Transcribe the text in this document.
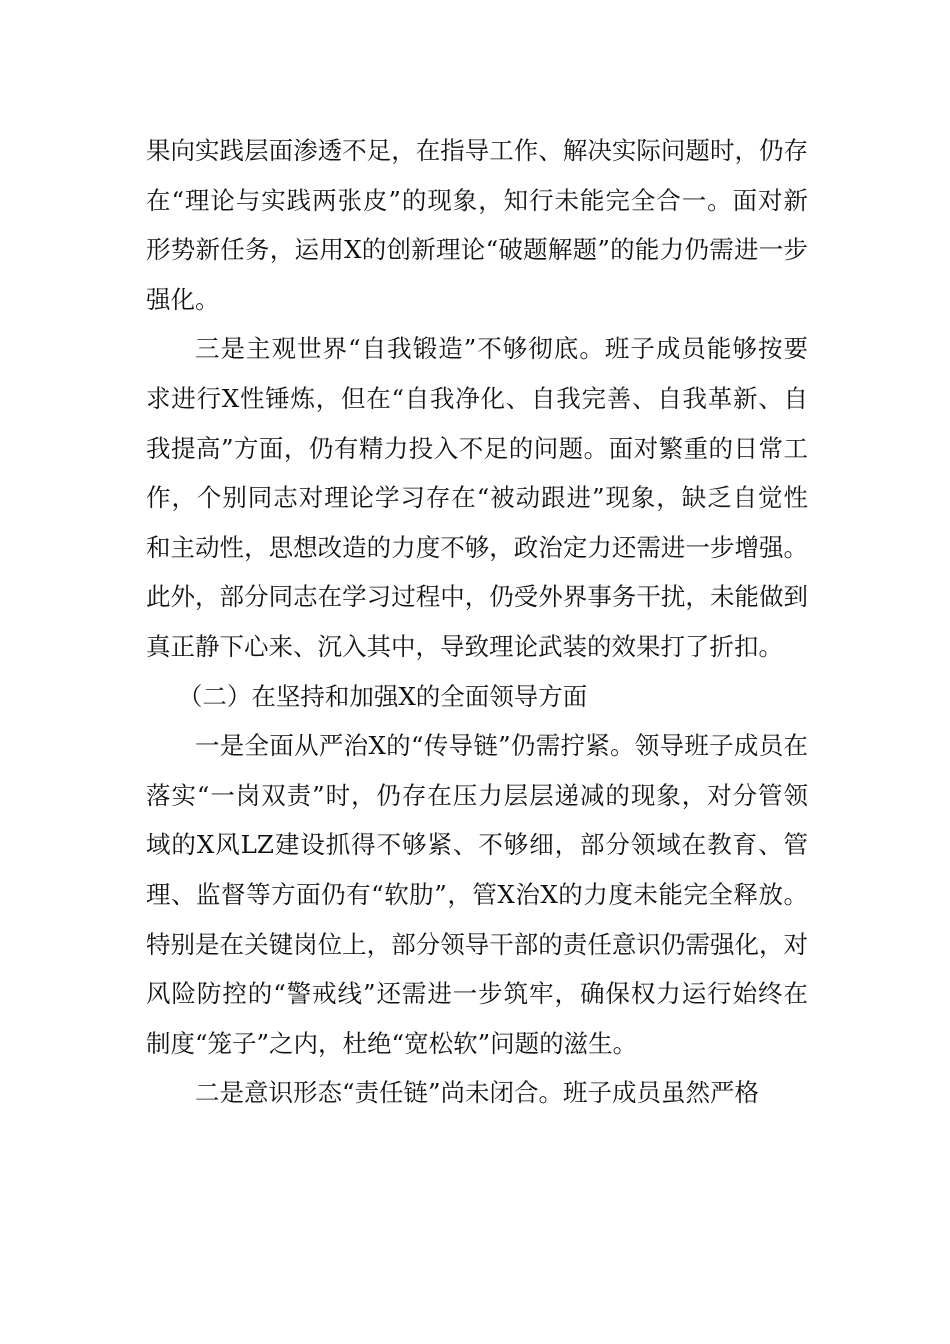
果向实践层面渗透不足，在指导工作、解决实际问题时，仍存在“理论与实践两张皮”的现象，知行未能完全合一。面对新形势新任务，运用X的创新理论“破题解题”的能力仍需进一步强化。

三是主观世界“自我锻造”不够彻底。班子成员能够按要求进行X性锤炼，但在“自我净化、自我完善、自我革新、自我提高”方面，仍有精力投入不足的问题。面对繁重的日常工作，个别同志对理论学习存在“被动跟进”现象，缺乏自觉性和主动性，思想改造的力度不够，政治定力还需进一步增强。此外，部分同志在学习过程中，仍受外界事务干扰，未能做到真正静下心来、沉入其中，导致理论武装的效果打了折扣。

（二）在坚持和加强X的全面领导方面

一是全面从严治X的“传导链”仍需拧紧。领导班子成员在落实“一岗双责”时，仍存在压力层层递减的现象，对分管领域的X风LZ建设抓得不够紧、不够细，部分领域在教育、管理、监督等方面仍有“软肋”，管X治X的力度未能完全释放。特别是在关键岗位上，部分领导干部的责任意识仍需强化，对风险防控的“警戒线”还需进一步筑牢，确保权力运行始终在制度“笼子”之内，杜绝“宽松软”问题的滋生。

二是意识形态“责任链”尚未闭合。班子成员虽然严格
